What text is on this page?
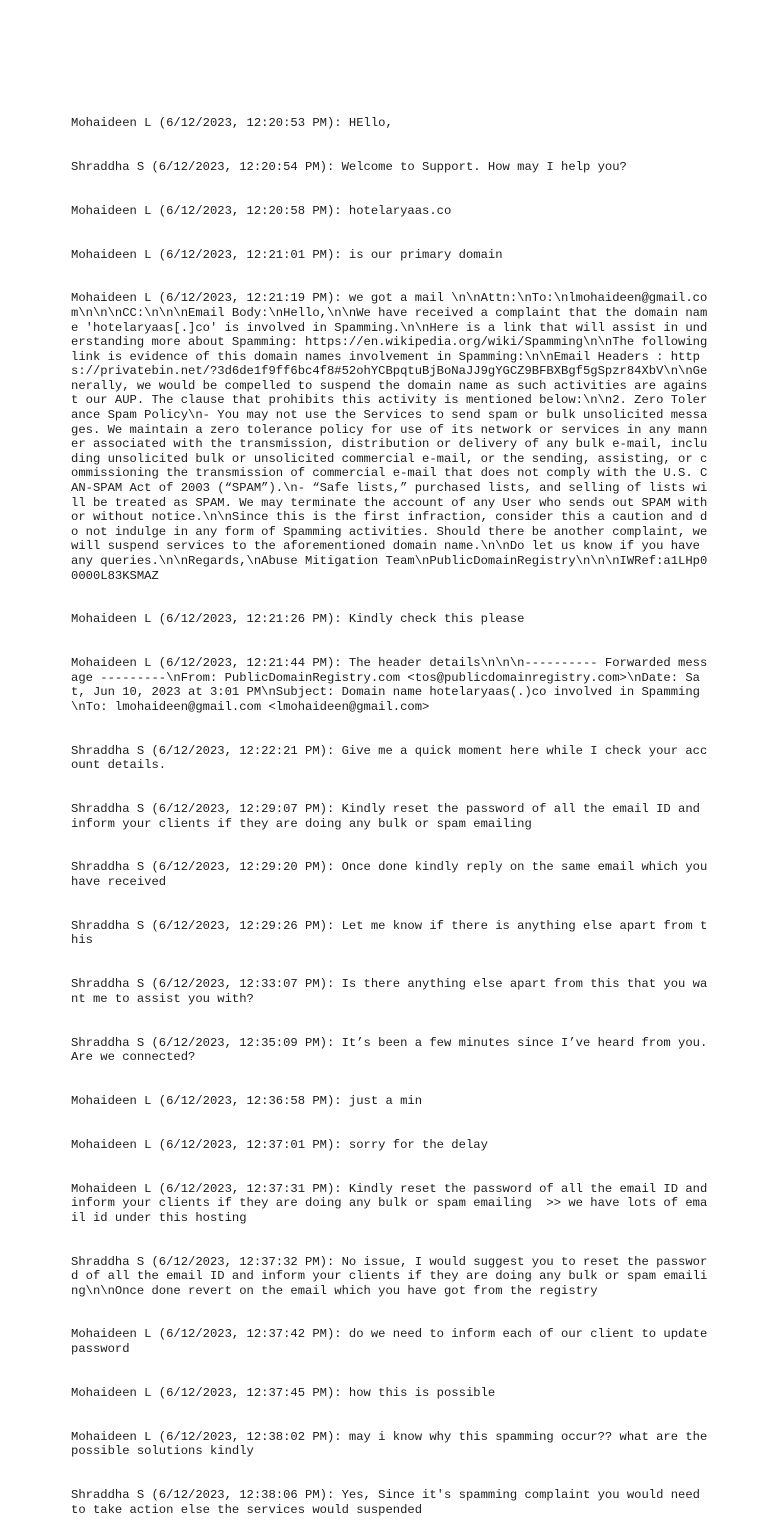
Mohaideen L (6/12/2023, 12:20:53 PM): HEllo,

Shraddha S (6/12/2023, 12:20:54 PM): Welcome to Support. How may I help you?

Mohaideen L (6/12/2023, 12:20:58 PM): hotelaryaas.co

Mohaideen L (6/12/2023, 12:21:01 PM): is our primary domain

Mohaideen L (6/12/2023, 12:21:19 PM): we got a mail \n\nAttn:\nTo:\nlmohaideen@gmail.com\n\n\nCC:\n\n\nEmail Body:\nHello,\n\nWe have received a complaint that the domain name 'hotelaryaas[.]co' is involved in Spamming.\n\nHere is a link that will assist in understanding more about Spamming: https://en.wikipedia.org/wiki/Spamming\n\nThe following link is evidence of this domain names involvement in Spamming:\n\nEmail Headers : https://privatebin.net/?3d6de1f9ff6bc4f8#52ohYCBpqtuBjBoNaJJ9gYGCZ9BFBXBgf5gSpzr84XbV\n\nGenerally, we would be compelled to suspend the domain name as such activities are against our AUP. The clause that prohibits this activity is mentioned below:\n\n2. Zero Tolerance Spam Policy\n- You may not use the Services to send spam or bulk unsolicited messages. We maintain a zero tolerance policy for use of its network or services in any manner associated with the transmission, distribution or delivery of any bulk e-mail, including unsolicited bulk or unsolicited commercial e-mail, or the sending, assisting, or commissioning the transmission of commercial e-mail that does not comply with the U.S. CAN-SPAM Act of 2003 (“SPAM”).\n- “Safe lists,” purchased lists, and selling of lists will be treated as SPAM. We may terminate the account of any User who sends out SPAM with or without notice.\n\nSince this is the first infraction, consider this a caution and do not indulge in any form of Spamming activities. Should there be another complaint, we will suspend services to the aforementioned domain name.\n\nDo let us know if you have any queries.\n\nRegards,\nAbuse Mitigation Team\nPublicDomainRegistry\n\n\nIWRef:a1LHp00000L83KSMAZ

Mohaideen L (6/12/2023, 12:21:26 PM): Kindly check this please

Mohaideen L (6/12/2023, 12:21:44 PM): The header details\n\n\n---------- Forwarded message ---------\nFrom: PublicDomainRegistry.com <tos@publicdomainregistry.com>\nDate: Sat, Jun 10, 2023 at 3:01 PM\nSubject: Domain name hotelaryaas(.)co involved in Spamming\nTo: lmohaideen@gmail.com <lmohaideen@gmail.com>

Shraddha S (6/12/2023, 12:22:21 PM): Give me a quick moment here while I check your account details.

Shraddha S (6/12/2023, 12:29:07 PM): Kindly reset the password of all the email ID and inform your clients if they are doing any bulk or spam emailing

Shraddha S (6/12/2023, 12:29:20 PM): Once done kindly reply on the same email which you have received

Shraddha S (6/12/2023, 12:29:26 PM): Let me know if there is anything else apart from this

Shraddha S (6/12/2023, 12:33:07 PM): Is there anything else apart from this that you want me to assist you with?

Shraddha S (6/12/2023, 12:35:09 PM): It’s been a few minutes since I’ve heard from you. Are we connected?

Mohaideen L (6/12/2023, 12:36:58 PM): just a min

Mohaideen L (6/12/2023, 12:37:01 PM): sorry for the delay

Mohaideen L (6/12/2023, 12:37:31 PM): Kindly reset the password of all the email ID and inform your clients if they are doing any bulk or spam emailing  >> we have lots of email id under this hosting

Shraddha S (6/12/2023, 12:37:32 PM): No issue, I would suggest you to reset the password of all the email ID and inform your clients if they are doing any bulk or spam emailing\n\nOnce done revert on the email which you have got from the registry

Mohaideen L (6/12/2023, 12:37:42 PM): do we need to inform each of our client to update password

Mohaideen L (6/12/2023, 12:37:45 PM): how this is possible

Mohaideen L (6/12/2023, 12:38:02 PM): may i know why this spamming occur?? what are the possible solutions kindly

Shraddha S (6/12/2023, 12:38:06 PM): Yes, Since it's spamming complaint you would need to take action else the services would suspended
